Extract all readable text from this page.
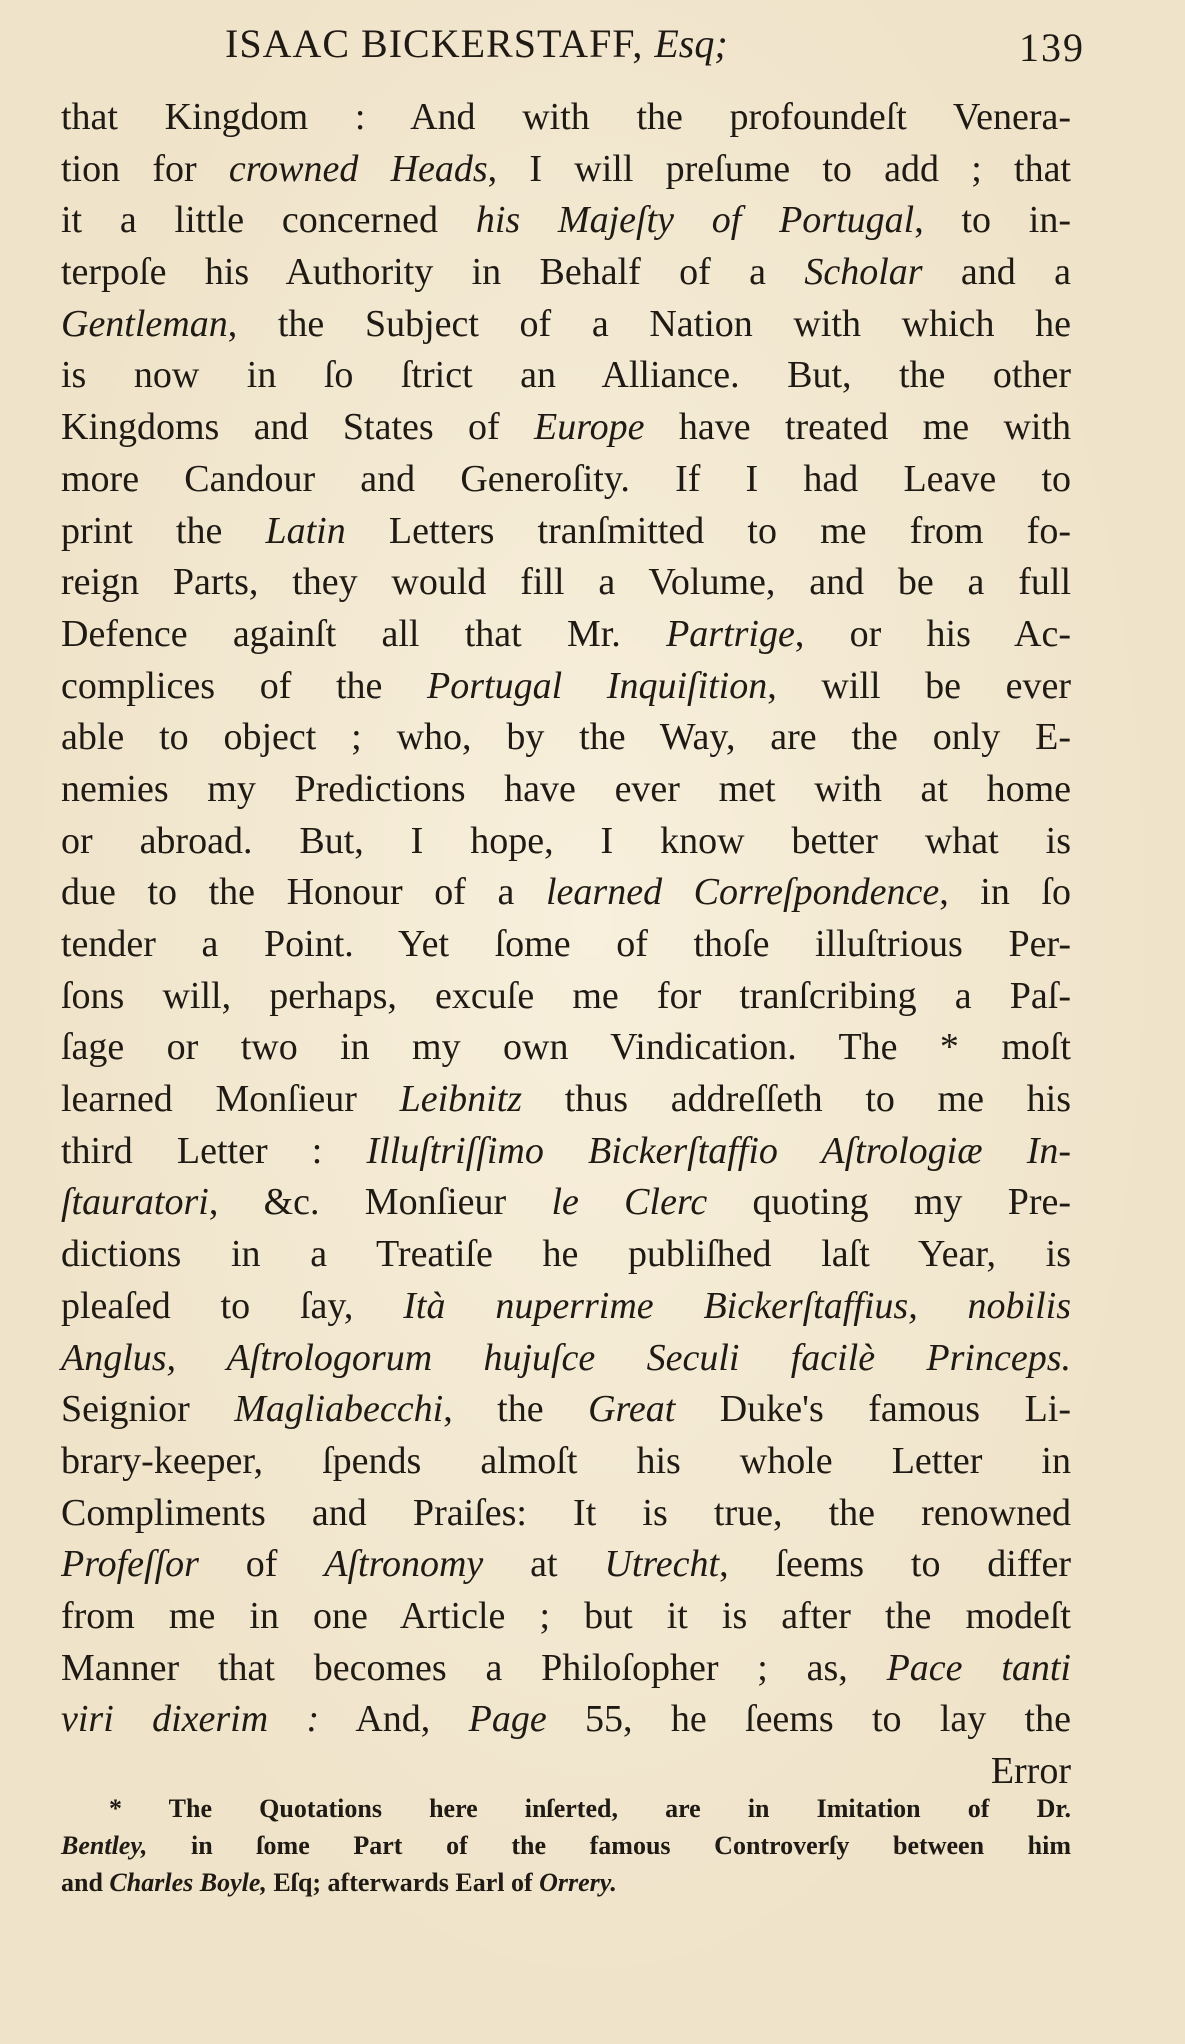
ISAAC BICKERSTAFF, Esq;	139
that Kingdom : And with the profoundeſt Venera-
tion for crowned Heads, I will preſume to add ; that
it a little concerned his Majeſty of Portugal, to in-
terpoſe his Authority in Behalf of a Scholar and a
Gentleman, the Subject of a Nation with which he
is now in ſo ſtrict an Alliance. But, the other
Kingdoms and States of Europe have treated me with
more Candour and Generoſity. If I had Leave to
print the Latin Letters tranſmitted to me from fo-
reign Parts, they would fill a Volume, and be a full
Defence againſt all that Mr. Partrige, or his Ac-
complices of the Portugal Inquiſition, will be ever
able to object ; who, by the Way, are the only E-
nemies my Predictions have ever met with at home
or abroad. But, I hope, I know better what is
due to the Honour of a learned Correſpondence, in ſo
tender a Point. Yet ſome of thoſe illuſtrious Per-
ſons will, perhaps, excuſe me for tranſcribing a Paſ-
ſage or two in my own Vindication. The * moſt
learned Monſieur Leibnitz thus addreſſeth to me his
third Letter : Illuſtriſſimo Bickerſtaffio Aſtrologiæ In-
ſtauratori, &c. Monſieur le Clerc quoting my Pre-
dictions in a Treatiſe he publiſhed laſt Year, is
pleaſed to ſay, Ità nuperrime Bickerſtaffius, nobilis
Anglus, Aſtrologorum hujuſce Seculi facilè Princeps.
Seignior Magliabecchi, the Great Duke's famous Li-
brary-keeper, ſpends almoſt his whole Letter in
Compliments and Praiſes: It is true, the renowned
Profeſſor of Aſtronomy at Utrecht, ſeems to differ
from me in one Article ; but it is after the modeſt
Manner that becomes a Philoſopher ; as, Pace tanti
viri dixerim : And, Page 55, he ſeems to lay the
Error
* The Quotations here inſerted, are in Imitation of Dr.
Bentley, in ſome Part of the famous Controverſy between him
and Charles Boyle, Eſq; afterwards Earl of Orrery.
